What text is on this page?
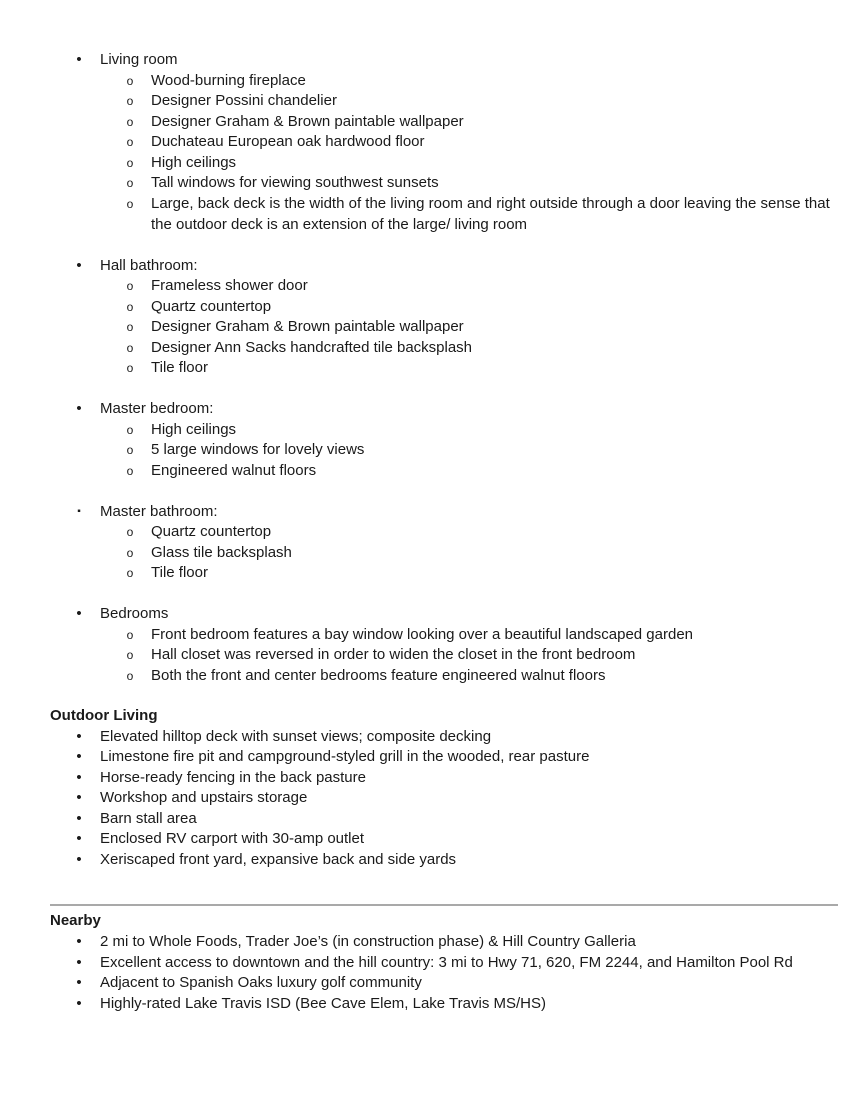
• Living room
o Wood-burning fireplace
o Designer Possini chandelier
o Designer Graham & Brown paintable wallpaper
o Duchateau European oak hardwood floor
o High ceilings
o Tall windows for viewing southwest sunsets
o Large, back deck is the width of the living room and right outside through a door leaving the sense that the outdoor deck is an extension of the large/ living room
• Hall bathroom:
o Frameless shower door
o Quartz countertop
o Designer Graham & Brown paintable wallpaper
o Designer Ann Sacks handcrafted tile backsplash
o Tile floor
• Master bedroom:
o High ceilings
o 5 large windows for lovely views
o Engineered walnut floors
▪ Master bathroom:
o Quartz countertop
o Glass tile backsplash
o Tile floor
• Bedrooms
o Front bedroom features a bay window looking over a beautiful landscaped garden
o Hall closet was reversed in order to widen the closet in the front bedroom
o Both the front and center bedrooms feature engineered walnut floors
Outdoor Living
• Elevated hilltop deck with sunset views; composite decking
• Limestone fire pit and campground-styled grill in the wooded, rear pasture
• Horse-ready fencing in the back pasture
• Workshop and upstairs storage
• Barn stall area
• Enclosed RV carport with 30-amp outlet
• Xeriscaped front yard, expansive back and side yards
Nearby
• 2 mi to Whole Foods, Trader Joe’s (in construction phase) & Hill Country Galleria
• Excellent access to downtown and the hill country: 3 mi to Hwy 71, 620, FM 2244, and Hamilton Pool Rd
• Adjacent to Spanish Oaks luxury golf community
• Highly-rated Lake Travis ISD (Bee Cave Elem, Lake Travis MS/HS)
